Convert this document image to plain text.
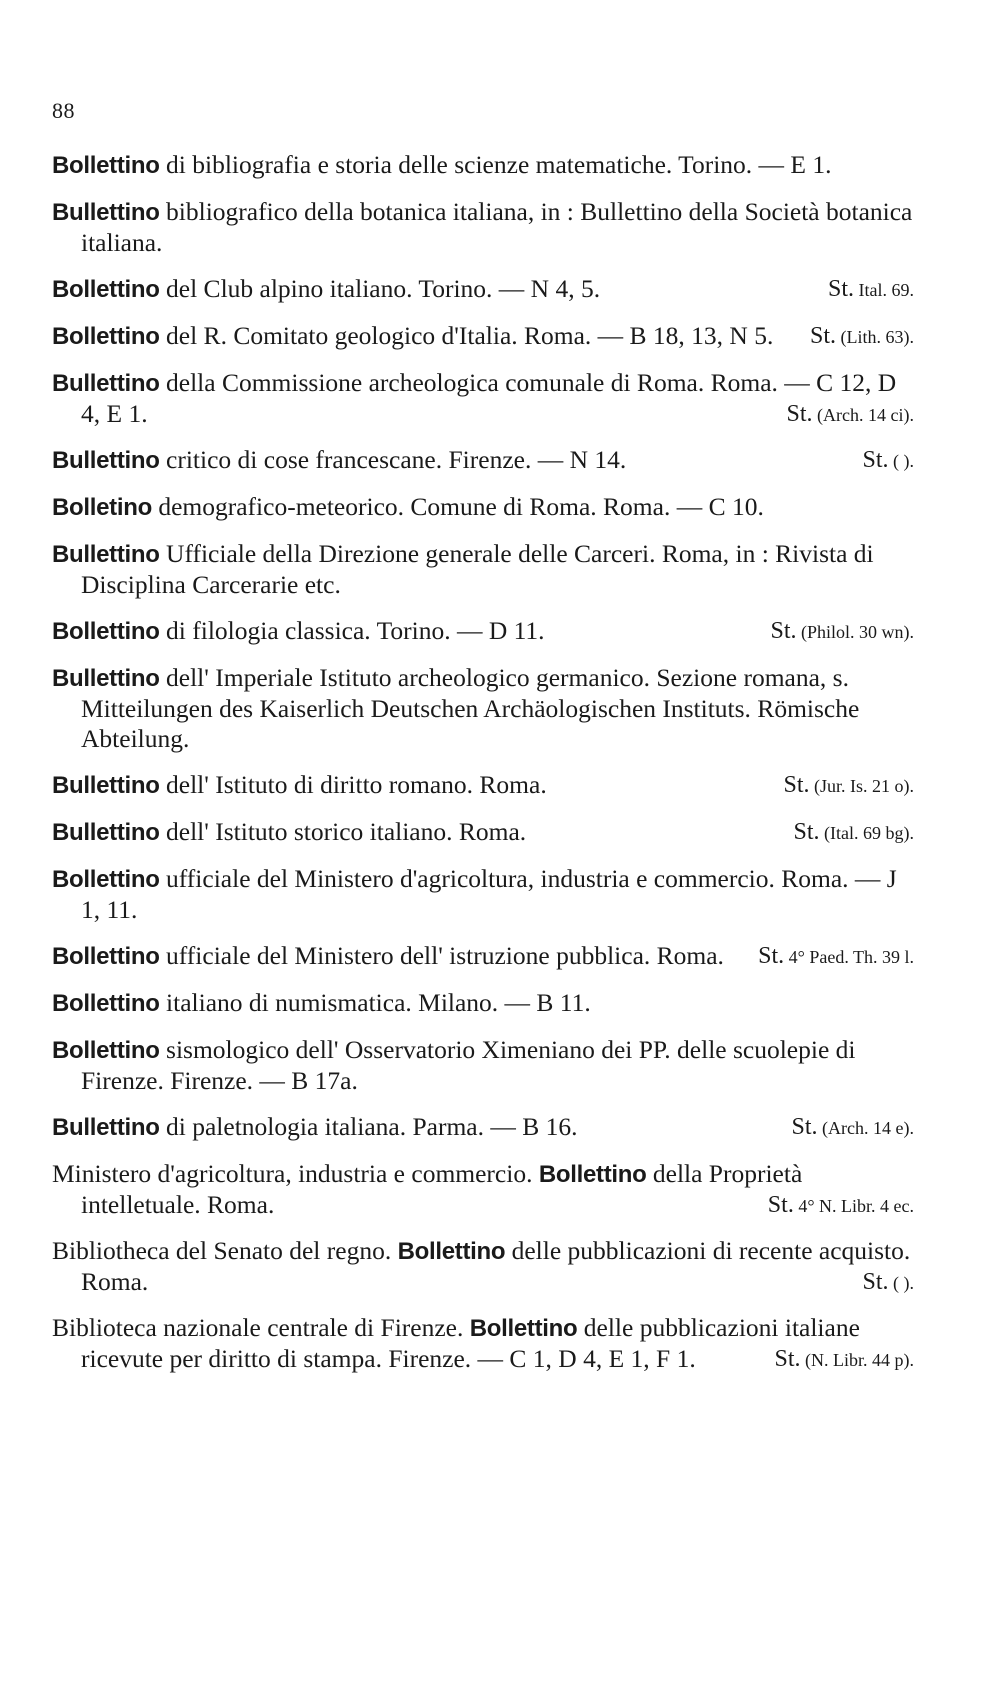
88
Bollettino di bibliografia e storia delle scienze matematiche. Torino. — E 1.
Bullettino bibliografico della botanica italiana, in : Bullettino della Società botanica italiana.
Bollettino del Club alpino italiano. Torino. — N 4, 5.	St. Ital. 69.
Bollettino del R. Comitato geologico d'Italia. Roma. — B 18, 13, N 5. St. (Lith. 63).
Bullettino della Commissione archeologica comunale di Roma. Roma. — C 12, D 4, E 1.	St. (Arch. 14 ci).
Bullettino critico di cose francescane. Firenze. — N 14.	St. ( ).
Bolletino demografico-meteorico. Comune di Roma. Roma. — C 10.
Bullettino Ufficiale della Direzione generale delle Carceri. Roma, in : Rivista di Disciplina Carcerarie etc.
Bollettino di filologia classica. Torino. — D 11.	St. (Philol. 30 wn).
Bullettino dell' Imperiale Istituto archeologico germanico. Sezione romana, s. Mitteilungen des Kaiserlich Deutschen Archäologischen Instituts. Römische Abteilung.
Bullettino dell' Istituto di diritto romano. Roma.	St. (Jur. Is. 21 o).
Bullettino dell' Istituto storico italiano. Roma.	St. (Ital. 69 bg).
Bollettino ufficiale del Ministero d'agricoltura, industria e commercio. Roma. — J 1, 11.
Bollettino ufficiale del Ministero dell' istruzione pubblica. Roma. St. 4° Paed. Th. 39 l.
Bollettino italiano di numismatica. Milano. — B 11.
Bollettino sismologico dell' Osservatorio Ximeniano dei PP. delle scuolepie di Firenze. Firenze. — B 17a.
Bullettino di paletnologia italiana. Parma. — B 16.	St. (Arch. 14 e).
Ministero d'agricoltura, industria e commercio. Bollettino della Proprietà intelletuale. Roma.	St. 4° N. Libr. 4 ec.
Bibliotheca del Senato del regno. Bollettino delle pubblicazioni di recente acquisto. Roma.	St. ( ).
Biblioteca nazionale centrale di Firenze. Bollettino delle pubblicazioni italiane ricevute per diritto di stampa. Firenze. — C 1, D 4, E 1, F 1.	St. (N. Libr. 44 p).
